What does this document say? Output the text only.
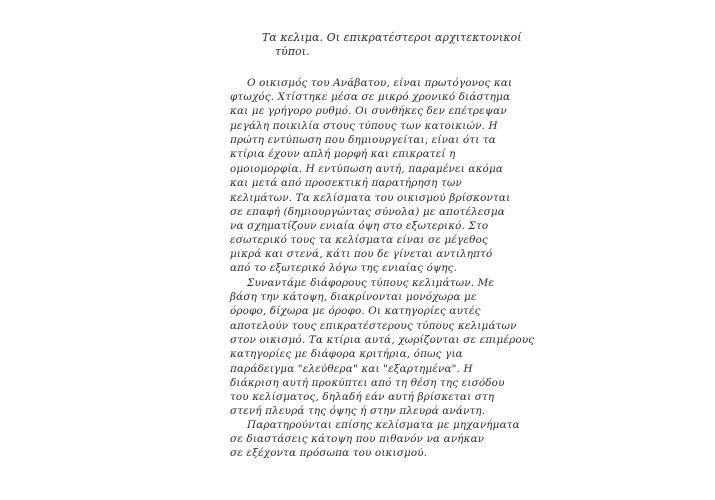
Τα κελιμα. Οι επικρατέστεροι αρχιτεκτονικοί
τύποι.
Ο οικισμός του Ανάβατου, είναι πρωτόγονος και
φτωχός. Χτίστηκε μέσα σε μικρό χρονικό διάστημα
και με γρήγορο ρυθμό. Οι συνθήκες δεν επέτρεψαν
μεγάλη ποικιλία στους τύπους των κατοικιών. Η
πρώτη εντύπωση που δημιουργείται, είναι ότι τα
κτίρια έχουν απλή μορφή και επικρατεί η
ομοιομορφία. Η εντύπωση αυτή, παραμένει ακόμα
και μετά από προσεκτική παρατήρηση των
κελιμάτων. Τα κελίσματα του οικισμού βρίσκονται
σε επαφή (δημιουργώντας σύνολα) με αποτέλεσμα
να σχηματίζουν ενιαία όψη στο εξωτερικό. Στο
εσωτερικό τους τα κελίσματα είναι σε μέγεθος
μικρά και στενά, κάτι που δε γίνεται αντιληπτό
από το εξωτερικό λόγω της ενιαίας όψης.
Συναντάμε διάφορους τύπους κελιμάτων. Με
βάση την κάτοψη, διακρίνονται μονόχωρα με
όροφο, δίχωρα με όροφο. Οι κατηγορίες αυτές
αποτελούν τους επικρατέστερους τύπους κελιμάτων
στον οικισμό. Τα κτίρια αυτά, χωρίζονται σε επιμέρους
κατηγορίες με διάφορα κριτήρια, όπως για
παράδειγμα "ελεύθερα" και "εξαρτημένα". Η
διάκριση αυτή προκύπτει από τη θέση της εισόδου
του κελίσματος, δηλαδή εάν αυτή βρίσκεται στη
στενή πλευρά της όψης ή στην πλευρά ανάντη.
Παρατηρούνται επίσης κελίσματα με μηχανήματα
σε διαστάσεις κάτοψη που πιθανόν να ανήκαν
σε εξέχοντα πρόσωπα του οικισμού.
